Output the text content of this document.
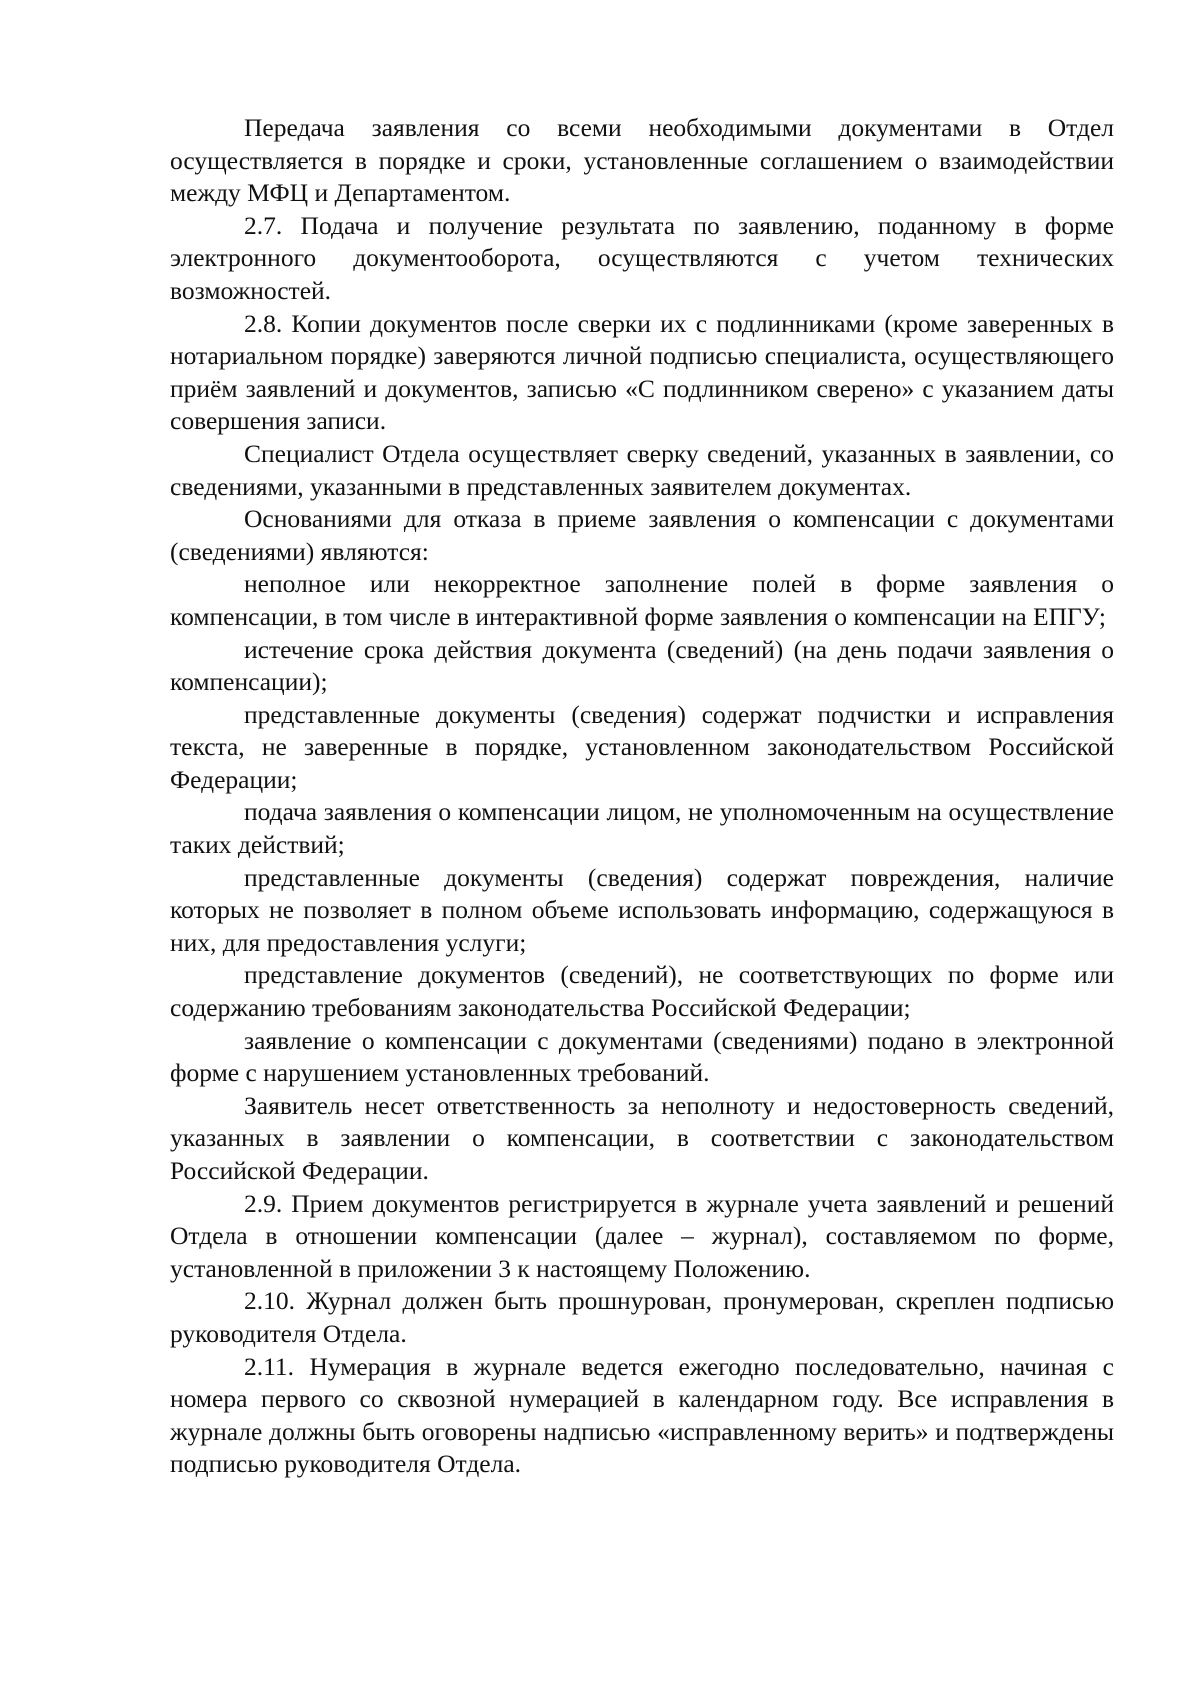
Передача заявления со всеми необходимыми документами в Отдел осуществляется в порядке и сроки, установленные соглашением о взаимодействии между МФЦ и Департаментом.

2.7. Подача и получение результата по заявлению, поданному в форме электронного документооборота, осуществляются с учетом технических возможностей.

2.8. Копии документов после сверки их с подлинниками (кроме заверенных в нотариальном порядке) заверяются личной подписью специалиста, осуществляющего приём заявлений и документов, записью «С подлинником сверено» с указанием даты совершения записи.

Специалист Отдела осуществляет сверку сведений, указанных в заявлении, со сведениями, указанными в представленных заявителем документах.

Основаниями для отказа в приеме заявления о компенсации с документами (сведениями) являются:

неполное или некорректное заполнение полей в форме заявления о компенсации, в том числе в интерактивной форме заявления о компенсации на ЕПГУ;

истечение срока действия документа (сведений) (на день подачи заявления о компенсации);

представленные документы (сведения) содержат подчистки и исправления текста, не заверенные в порядке, установленном законодательством Российской Федерации;

подача заявления о компенсации лицом, не уполномоченным на осуществление таких действий;

представленные документы (сведения) содержат повреждения, наличие которых не позволяет в полном объеме использовать информацию, содержащуюся в них, для предоставления услуги;

представление документов (сведений), не соответствующих по форме или содержанию требованиям законодательства Российской Федерации;

заявление о компенсации с документами (сведениями) подано в электронной форме с нарушением установленных требований.

Заявитель несет ответственность за неполноту и недостоверность сведений, указанных в заявлении о компенсации, в соответствии с законодательством Российской Федерации.

2.9. Прием документов регистрируется в журнале учета заявлений и решений Отдела в отношении компенсации (далее – журнал), составляемом по форме, установленной в приложении 3 к настоящему Положению.

2.10. Журнал должен быть прошнурован, пронумерован, скреплен подписью руководителя Отдела.

2.11. Нумерация в журнале ведется ежегодно последовательно, начиная с номера первого со сквозной нумерацией в календарном году. Все исправления в журнале должны быть оговорены надписью «исправленному верить» и подтверждены подписью руководителя Отдела.
